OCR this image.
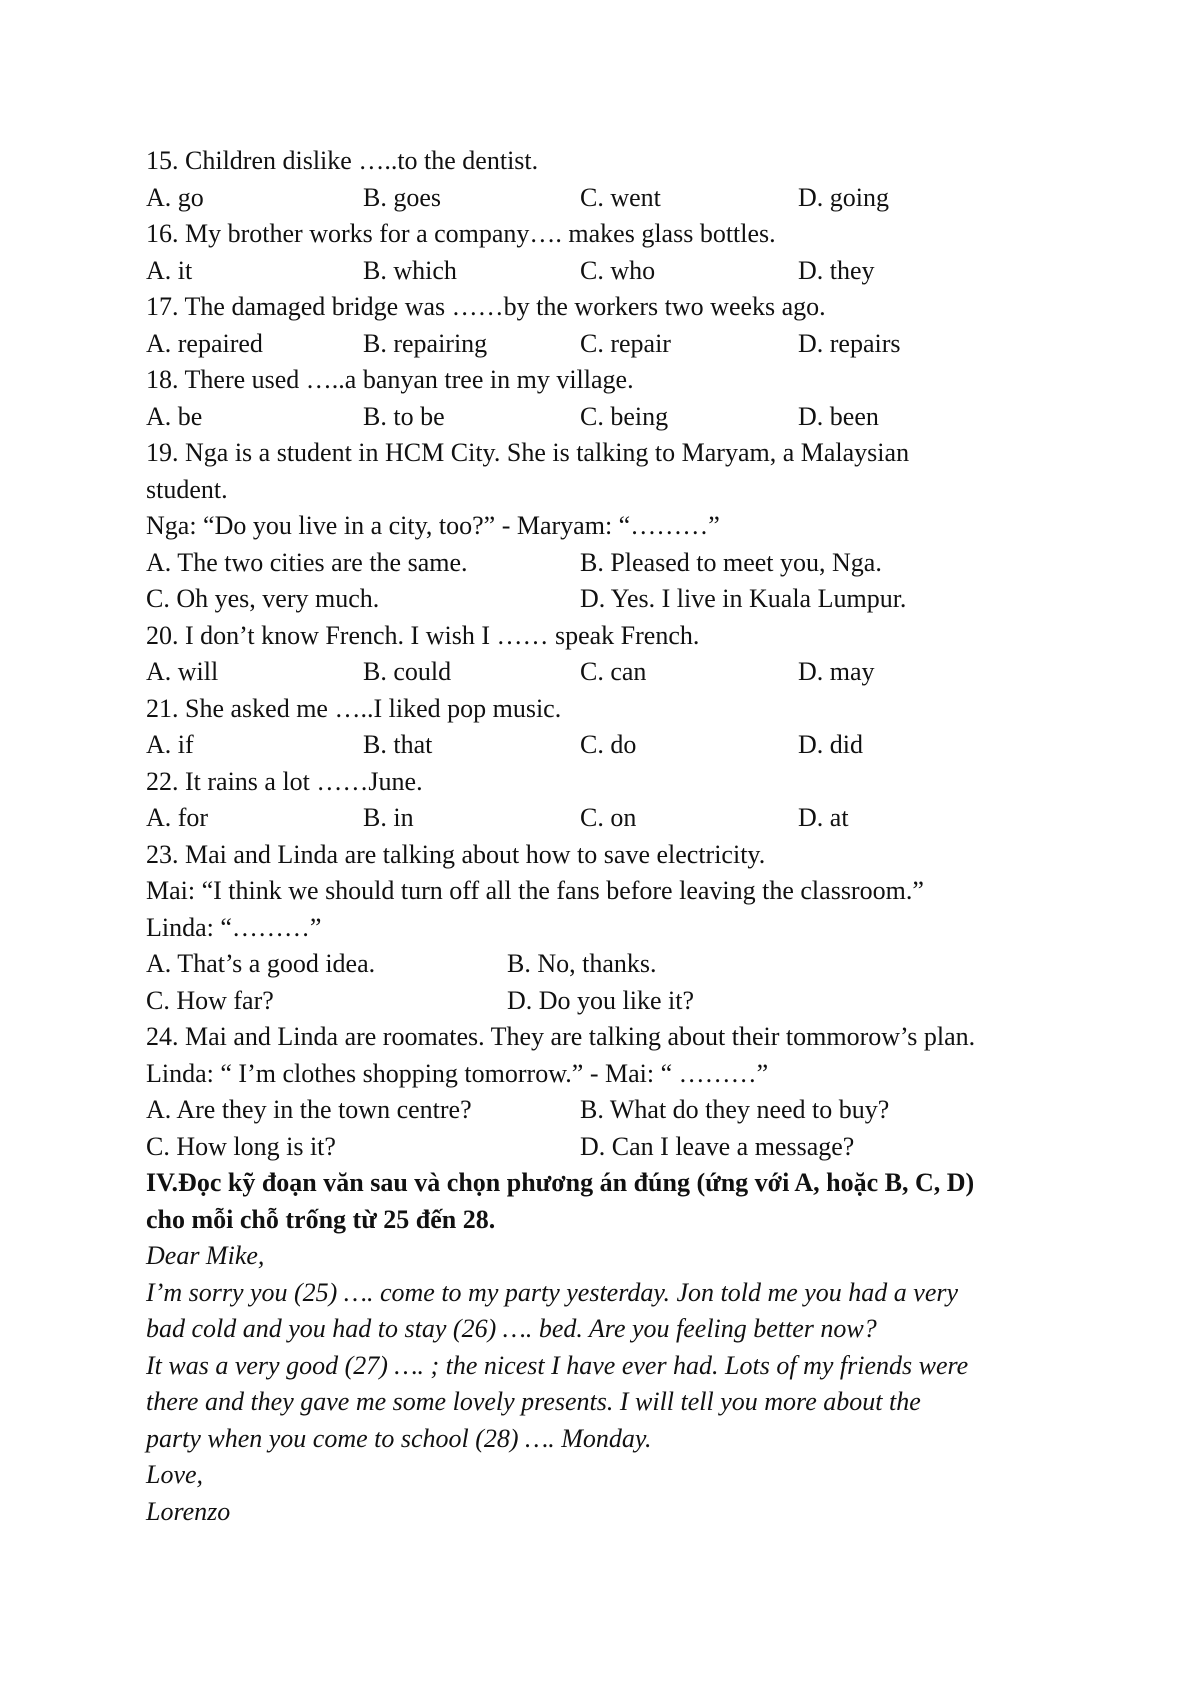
15. Children dislike …..to the dentist.
A. go	B. goes	C. went	D. going
16. My brother works for a company…. makes glass bottles.
A. it	B. which	C. who	D. they
17. The damaged bridge was ……by the workers two weeks ago.
A. repaired	B. repairing	C. repair	D. repairs
18. There used …..a banyan tree in my village.
A. be	B. to be	C. being	D. been
19. Nga is a student in HCM City. She is talking to Maryam, a Malaysian
student.
Nga: “Do you live in a city, too?” - Maryam: “………”
A. The two cities are the same.	B. Pleased to meet you, Nga.
C. Oh yes, very much.	D. Yes. I live in Kuala Lumpur.
20. I don’t know French. I wish I …… speak French.
A. will	B. could	C. can	D. may
21. She asked me …..I liked pop music.
A. if	B. that	C. do	D. did
22. It rains a lot ……June.
A. for	B. in	C. on	D. at
23. Mai and Linda are talking about how to save electricity.
Mai: “I think we should turn off all the fans before leaving the classroom.”
Linda: “………”
A. That’s a good idea.	B. No, thanks.
C. How far?	D. Do you like it?
24. Mai and Linda are roomates. They are talking about their tommorow’s plan.
Linda: “ I’m clothes shopping tomorrow.” - Mai: “ ………”
A. Are they in the town centre?	B. What do they need to buy?
C. How long is it?	D. Can I leave a message?
IV.Đọc kỹ đoạn văn sau và chọn phương án đúng (ứng với A, hoặc B, C, D)
cho mỗi chỗ trống từ 25 đến 28.
Dear Mike,
I’m sorry you (25) …. come to my party yesterday. Jon told me you had a very
bad cold and you had to stay (26) …. bed. Are you feeling better now?
It was a very good (27) …. ; the nicest I have ever had. Lots of my friends were
there and they gave me some lovely presents. I will tell you more about the
party when you come to school (28) …. Monday.
Love,
Lorenzo
